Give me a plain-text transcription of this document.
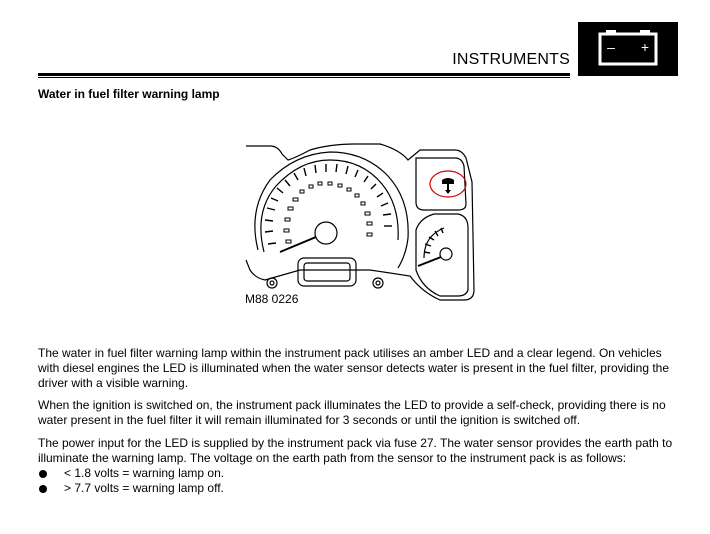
INSTRUMENTS
– +
Water in fuel filter warning lamp
M88 0226

The water in fuel filter warning lamp within the instrument pack utilises an amber LED and a clear legend. On vehicles with diesel engines the LED is illuminated when the water sensor detects water is present in the fuel filter, providing the driver with a visible warning.

When the ignition is switched on, the instrument pack illuminates the LED to provide a self-check, providing there is no water present in the fuel filter it will remain illuminated for 3 seconds or until the ignition is switched off.

The power input for the LED is supplied by the instrument pack via fuse 27. The water sensor provides the earth path to illuminate the warning lamp. The voltage on the earth path from the sensor to the instrument pack is as follows:

< 1.8 volts = warning lamp on.
> 7.7 volts = warning lamp off.
